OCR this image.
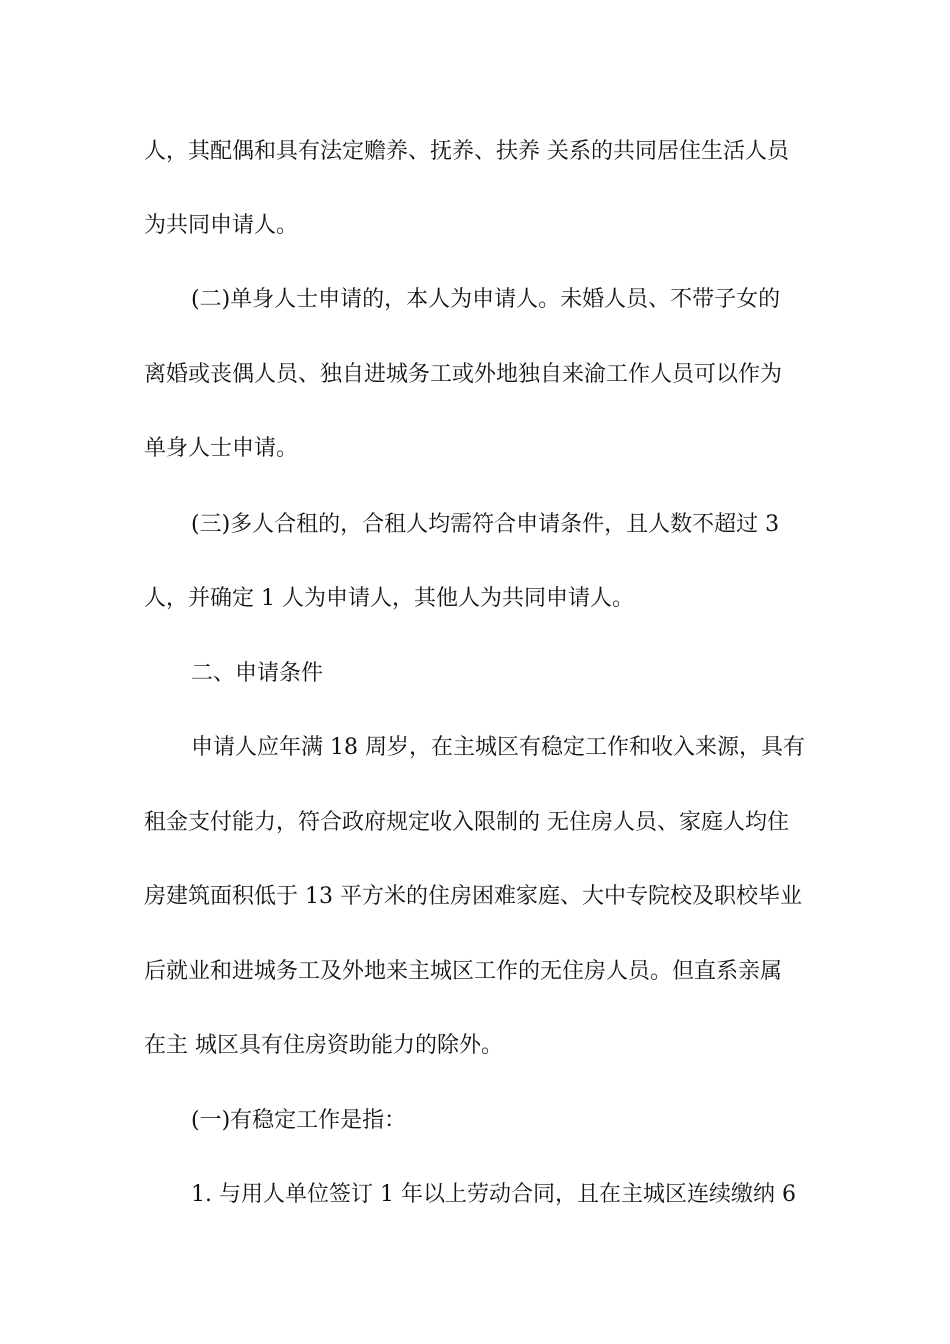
人，其配偶和具有法定赡养、抚养、扶养 关系的共同居住生活人员

为共同申请人。

(二)单身人士申请的，本人为申请人。未婚人员、不带子女的

离婚或丧偶人员、独自进城务工或外地独自来渝工作人员可以作为

单身人士申请。

(三)多人合租的，合租人均需符合申请条件，且人数不超过 3

人，并确定 1 人为申请人，其他人为共同申请人。

二、申请条件

申请人应年满 18 周岁，在主城区有稳定工作和收入来源，具有

租金支付能力，符合政府规定收入限制的 无住房人员、家庭人均住

房建筑面积低于 13 平方米的住房困难家庭、大中专院校及职校毕业

后就业和进城务工及外地来主城区工作的无住房人员。但直系亲属

在主 城区具有住房资助能力的除外。

(一)有稳定工作是指：

1. 与用人单位签订 1 年以上劳动合同，且在主城区连续缴纳 6
